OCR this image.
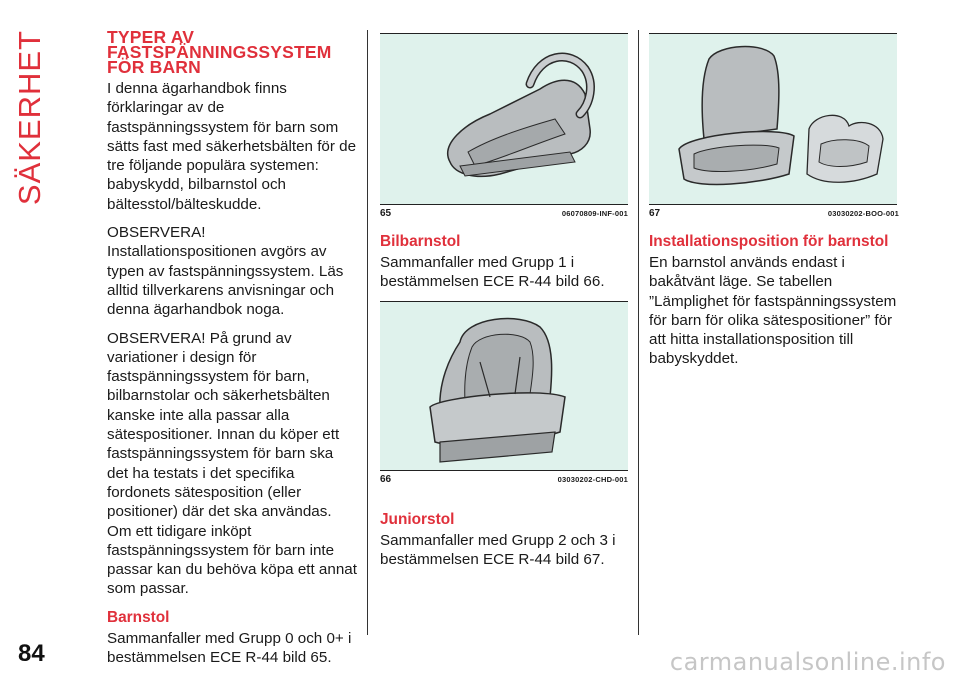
SÄKERHET
84
TYPER AV
FASTSPÄNNINGSSYSTEM
FÖR BARN

I denna ägarhandbok finns förklaringar av de fastspänningssystem för barn som sätts fast med säkerhetsbälten för de tre följande populära systemen: babyskydd, bilbarnstol och bältesstol/bälteskudde.

OBSERVERA! Installationspositionen avgörs av typen av fastspänningssystem. Läs alltid tillverkarens anvisningar och denna ägarhandbok noga.

OBSERVERA! På grund av variationer i design för fastspänningssystem för barn, bilbarnstolar och säkerhetsbälten kanske inte alla passar alla sätespositioner. Innan du köper ett fastspänningssystem för barn ska det ha testats i det specifika fordonets sätesposition (eller positioner) där det ska användas. Om ett tidigare inköpt fastspänningssystem för barn inte passar kan du behöva köpa ett annat som passar.

Barnstol

Sammanfaller med Grupp 0 och 0+ i bestämmelsen ECE R-44 bild 65.

65	06070809-INF-001
Bilbarnstol

Sammanfaller med Grupp 1 i bestämmelsen ECE R-44 bild 66.

66	03030202-CHD-001
Juniorstol

Sammanfaller med Grupp 2 och 3 i bestämmelsen ECE R-44 bild 67.

67	03030202-BOO-001
Installationsposition för barnstol

En barnstol används endast i bakåtvänt läge. Se tabellen ”Lämplighet för fastspänningssystem för barn för olika sätespositioner” för att hitta installationsposition till babyskyddet.

carmanualsonline.info
